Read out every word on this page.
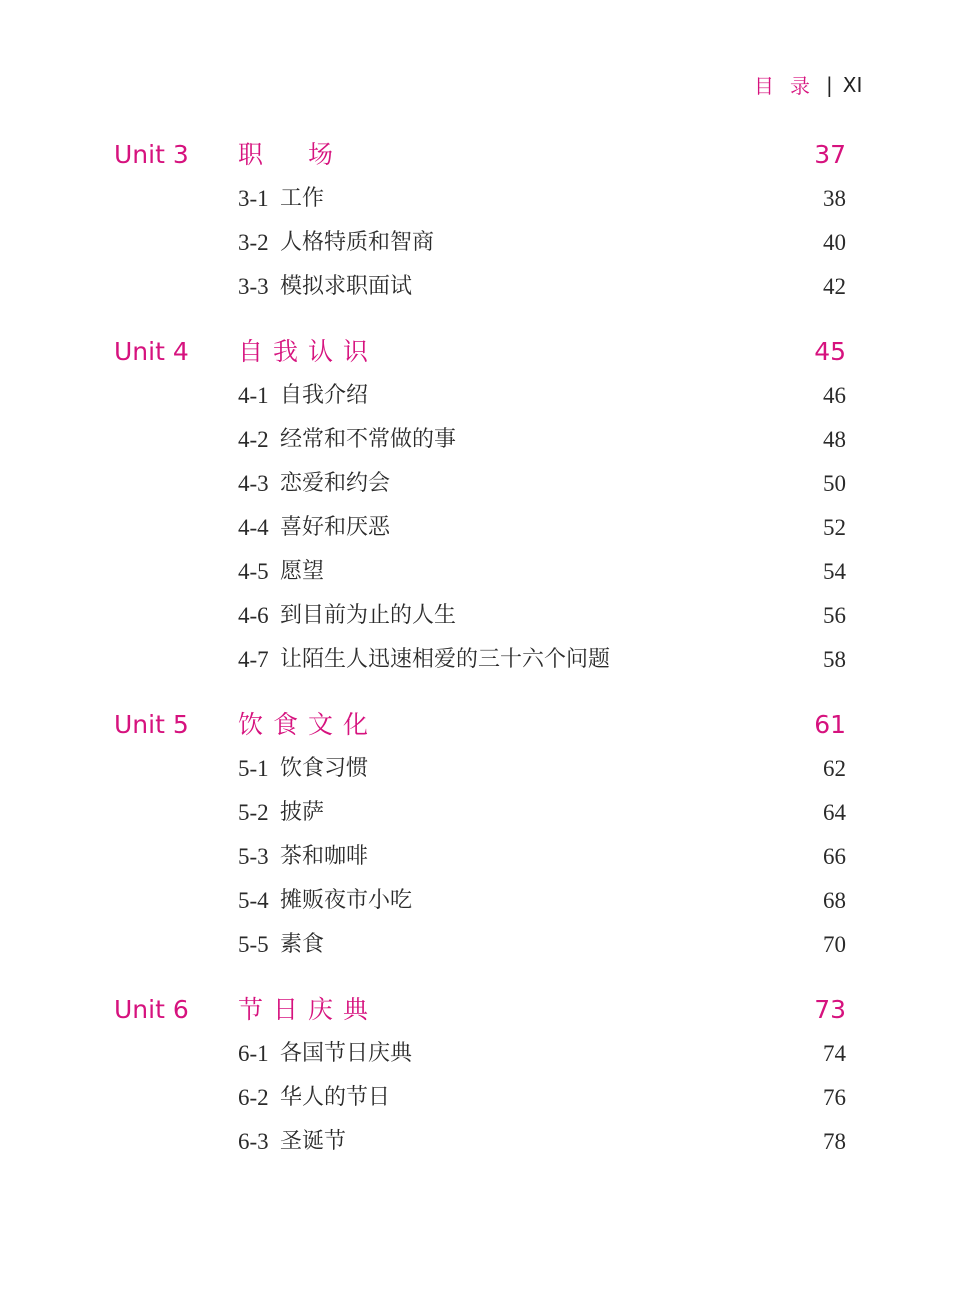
目录 | XI
Unit 3 职　场	37
3-1 工作	38
3-2 人格特质和智商	40
3-3 模拟求职面试	42
Unit 4 自我认识	45
4-1 自我介绍	46
4-2 经常和不常做的事	48
4-3 恋爱和约会	50
4-4 喜好和厌恶	52
4-5 愿望	54
4-6 到目前为止的人生	56
4-7 让陌生人迅速相爱的三十六个问题	58
Unit 5 饮食文化	61
5-1 饮食习惯	62
5-2 披萨	64
5-3 茶和咖啡	66
5-4 摊贩夜市小吃	68
5-5 素食	70
Unit 6 节日庆典	73
6-1 各国节日庆典	74
6-2 华人的节日	76
6-3 圣诞节	78
